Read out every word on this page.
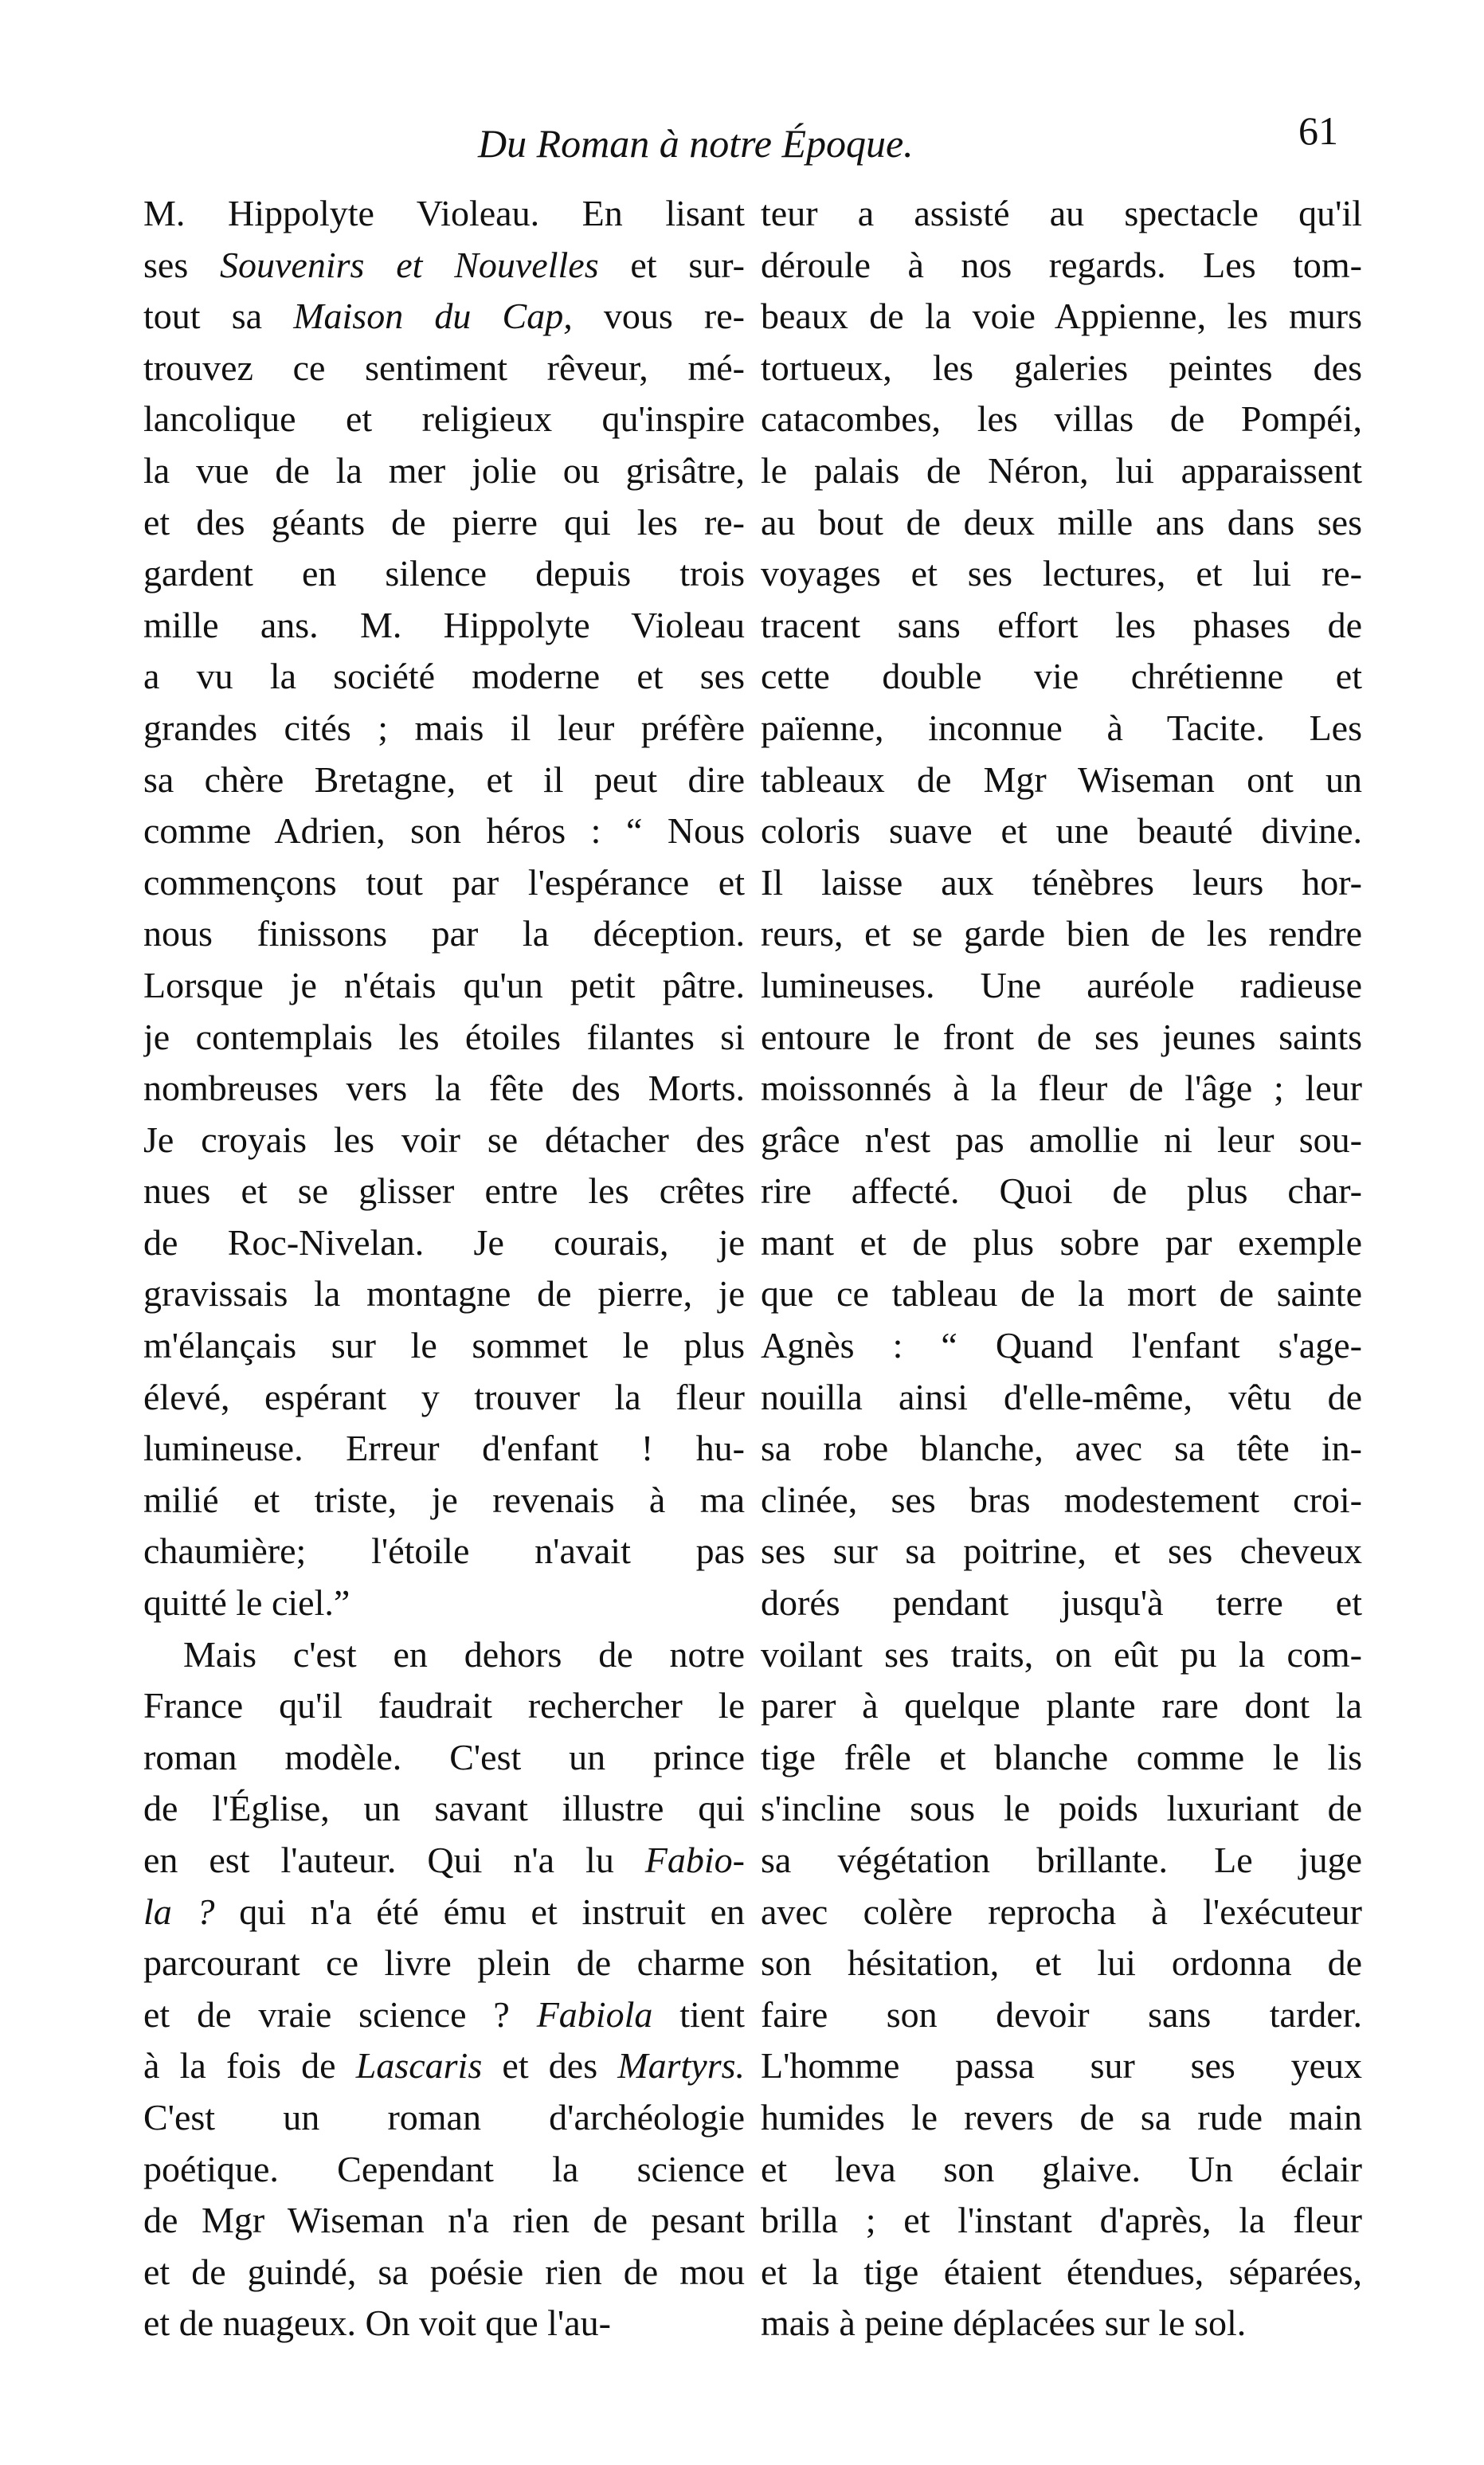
Du Roman à notre Époque.	61
M. Hippolyte Violeau. En lisant
ses Souvenirs et Nouvelles et sur-
tout sa Maison du Cap, vous re-
trouvez ce sentiment rêveur, mé-
lancolique et religieux qu'inspire
la vue de la mer jolie ou grisâtre,
et des géants de pierre qui les re-
gardent en silence depuis trois
mille ans. M. Hippolyte Violeau
a vu la société moderne et ses
grandes cités ; mais il leur préfère
sa chère Bretagne, et il peut dire
comme Adrien, son héros : “ Nous
commençons tout par l'espérance et
nous finissons par la déception.
Lorsque je n'étais qu'un petit pâtre.
je contemplais les étoiles filantes si
nombreuses vers la fête des Morts.
Je croyais les voir se détacher des
nues et se glisser entre les crêtes
de Roc-Nivelan. Je courais, je
gravissais la montagne de pierre, je
m'élançais sur le sommet le plus
élevé, espérant y trouver la fleur
lumineuse. Erreur d'enfant ! hu-
milié et triste, je revenais à ma
chaumière; l'étoile n'avait pas
quitté le ciel.”
Mais c'est en dehors de notre
France qu'il faudrait rechercher le
roman modèle. C'est un prince
de l'Église, un savant illustre qui
en est l'auteur. Qui n'a lu Fabio-
la ? qui n'a été ému et instruit en
parcourant ce livre plein de charme
et de vraie science ? Fabiola tient
à la fois de Lascaris et des Martyrs.
C'est un roman d'archéologie
poétique. Cependant la science
de Mgr Wiseman n'a rien de pesant
et de guindé, sa poésie rien de mou
et de nuageux. On voit que l'au-
teur a assisté au spectacle qu'il
déroule à nos regards. Les tom-
beaux de la voie Appienne, les murs
tortueux, les galeries peintes des
catacombes, les villas de Pompéi,
le palais de Néron, lui apparaissent
au bout de deux mille ans dans ses
voyages et ses lectures, et lui re-
tracent sans effort les phases de
cette double vie chrétienne et
païenne, inconnue à Tacite. Les
tableaux de Mgr Wiseman ont un
coloris suave et une beauté divine.
Il laisse aux ténèbres leurs hor-
reurs, et se garde bien de les rendre
lumineuses. Une auréole radieuse
entoure le front de ses jeunes saints
moissonnés à la fleur de l'âge ; leur
grâce n'est pas amollie ni leur sou-
rire affecté. Quoi de plus char-
mant et de plus sobre par exemple
que ce tableau de la mort de sainte
Agnès : “ Quand l'enfant s'age-
nouilla ainsi d'elle-même, vêtu de
sa robe blanche, avec sa tête in-
clinée, ses bras modestement croi-
ses sur sa poitrine, et ses cheveux
dorés pendant jusqu'à terre et
voilant ses traits, on eût pu la com-
parer à quelque plante rare dont la
tige frêle et blanche comme le lis
s'incline sous le poids luxuriant de
sa végétation brillante. Le juge
avec colère reprocha à l'exécuteur
son hésitation, et lui ordonna de
faire son devoir sans tarder.
L'homme passa sur ses yeux
humides le revers de sa rude main
et leva son glaive. Un éclair
brilla ; et l'instant d'après, la fleur
et la tige étaient étendues, séparées,
mais à peine déplacées sur le sol.
